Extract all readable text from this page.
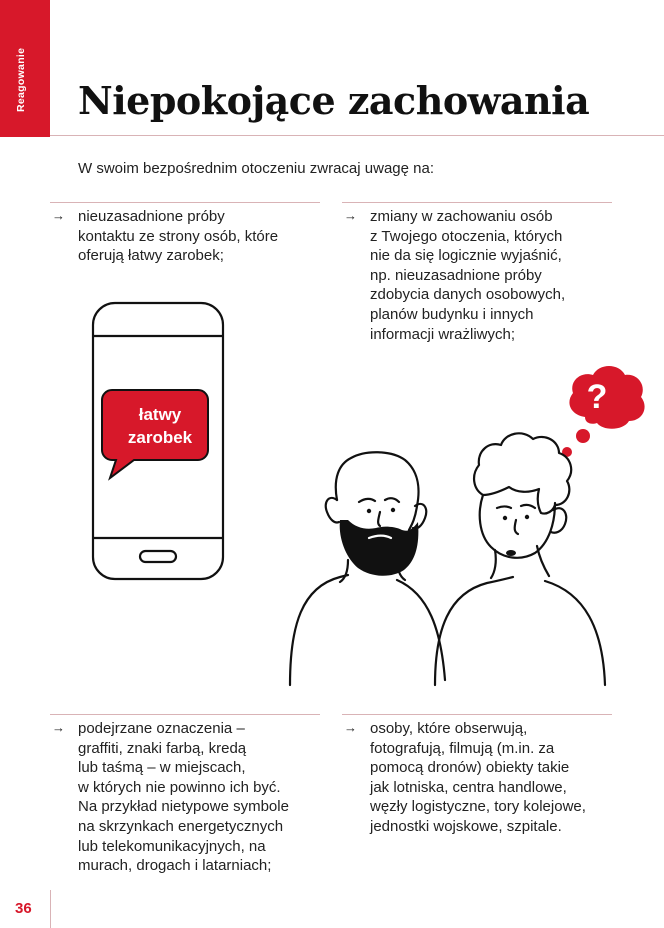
Reagowanie Niepokojące zachowania
W swoim bezpośrednim otoczeniu zwracaj uwagę na:
→ nieuzasadnione próby
kontaktu ze strony osób, które
oferują łatwy zarobek;
→ zmiany w zachowaniu osób
z Twojego otoczenia, których
nie da się logicznie wyjaśnić,
np. nieuzasadnione próby
zdobycia danych osobowych,
planów budynku i innych
informacji wrażliwych;
→ podejrzane oznaczenia –
graffiti, znaki farbą, kredą
lub taśmą – w miejscach,
w których nie powinno ich być.
Na przykład nietypowe symbole
na skrzynkach energetycznych
lub telekomunikacyjnych, na
murach, drogach i latarniach;
→ osoby, które obserwują,
fotografują, filmują (m.in. za
pomocą dronów) obiekty takie
jak lotniska, centra handlowe,
węzły logistyczne, tory kolejowe,
jednostki wojskowe, szpitale.
łatwy
zarobek
?
36
